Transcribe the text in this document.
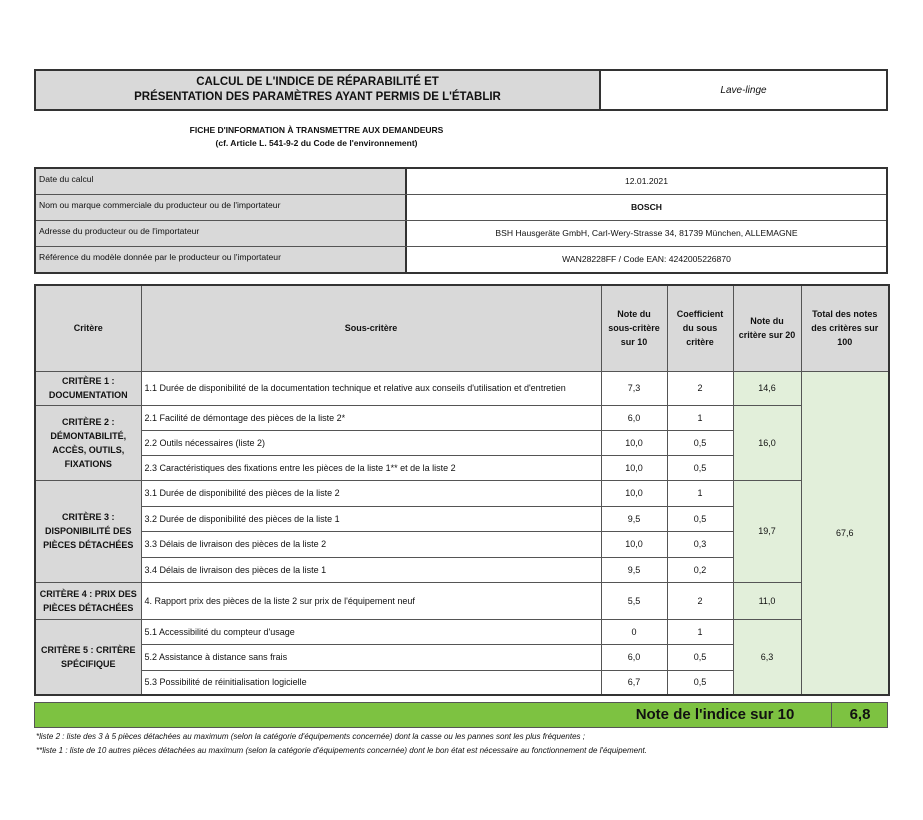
CALCUL DE L'INDICE DE RÉPARABILITÉ ET
PRÉSENTATION DES PARAMÈTRES AYANT PERMIS DE L'ÉTABLIR
Lave-linge
FICHE D'INFORMATION À TRANSMETTRE AUX DEMANDEURS
(cf. Article L. 541-9-2 du Code de l'environnement)
Date du calcul	12.01.2021
Nom ou marque commerciale du producteur ou de l'importateur	BOSCH
Adresse du producteur ou de l'importateur	BSH Hausgeräte GmbH, Carl-Wery-Strasse 34, 81739 München, ALLEMAGNE
Référence du modèle donnée par le producteur ou l'importateur	WAN28228FF / Code EAN: 4242005226870
Critère	Sous-critère	Note du sous-critère sur 10	Coefficient du sous critère	Note du critère sur 20	Total des notes des critères sur 100
CRITÈRE 1 : DOCUMENTATION	1.1 Durée de disponibilité de la documentation technique et relative aux conseils d'utilisation et d'entretien	7,3	2	14,6	67,6
CRITÈRE 2 : DÉMONTABILITÉ, ACCÈS, OUTILS, FIXATIONS	2.1 Facilité de démontage des pièces de la liste 2*	6,0	1	16,0	
	2.2 Outils nécessaires (liste 2)	10,0	0,5		
	2.3 Caractéristiques des fixations entre les pièces de la liste 1** et de la liste 2	10,0	0,5		
CRITÈRE 3 : DISPONIBILITÉ DES PIÈCES DÉTACHÉES	3.1 Durée de disponibilité des pièces de la liste 2	10,0	1	19,7	
	3.2 Durée de disponibilité des pièces de la liste 1	9,5	0,5		
	3.3 Délais de livraison des pièces de la liste 2	10,0	0,3		
	3.4 Délais de livraison des pièces de la liste 1	9,5	0,2		
CRITÈRE 4 : PRIX DES PIÈCES DÉTACHÉES	4. Rapport prix des pièces de la liste 2 sur prix de l'équipement neuf	5,5	2	11,0	
CRITÈRE 5 : CRITÈRE SPÉCIFIQUE	5.1 Accessibilité du compteur d'usage	0	1	6,3	
	5.2 Assistance à distance sans frais	6,0	0,5		
	5.3 Possibilité de réinitialisation logicielle	6,7	0,5		
Note de l'indice sur 10	6,8
*liste 2 : liste des 3 à 5 pièces détachées au maximum (selon la catégorie d'équipements concernée) dont la casse ou les pannes sont les plus fréquentes ;
**liste 1 : liste de 10 autres pièces détachées au maximum (selon la catégorie d'équipements concernée) dont le bon état est nécessaire au fonctionnement de l'équipement.
